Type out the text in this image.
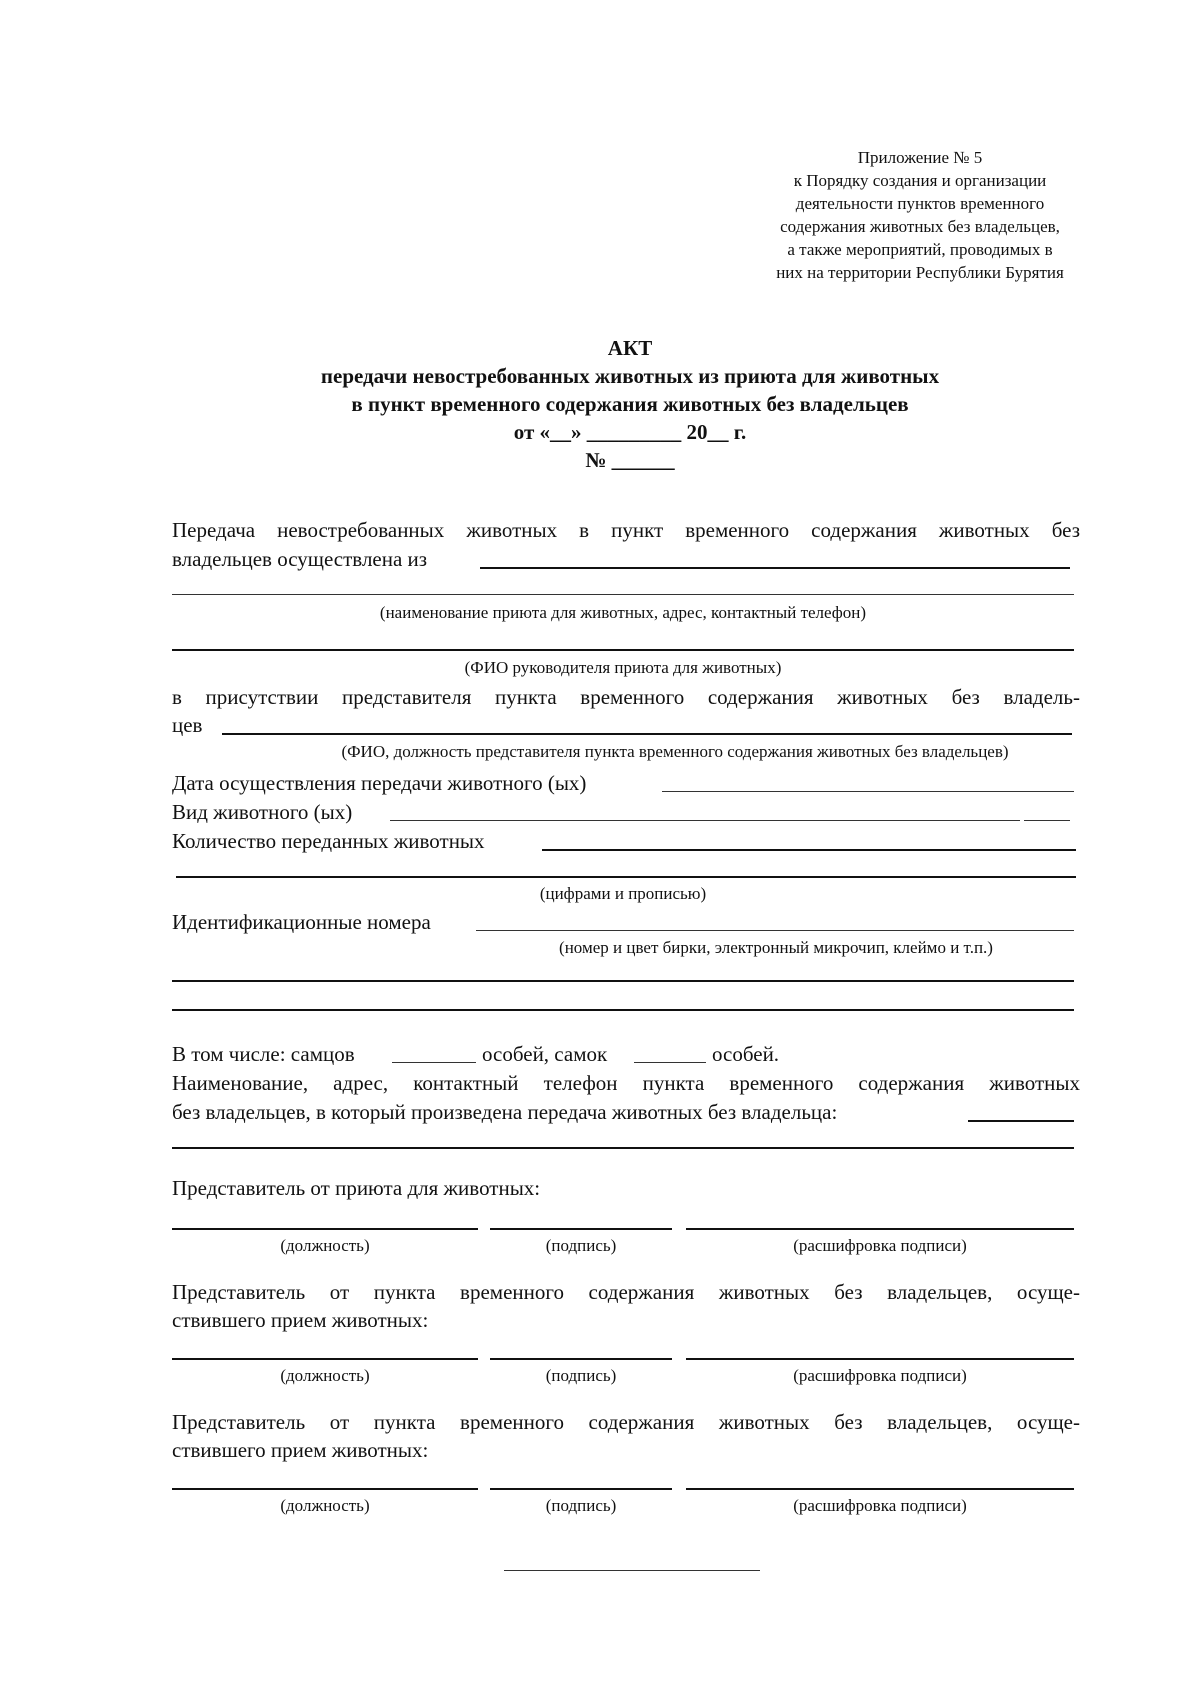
Приложение № 5
к Порядку создания и организации
деятельности пунктов временного
содержания животных без владельцев,
а также мероприятий, проводимых в
них на территории Республики Бурятия
АКТ
передачи невостребованных животных из приюта для животных
в пункт временного содержания животных без владельцев
от «__» _________ 20__ г.
№ ______
Передача невостребованных животных в пункт временного содержания животных без
владельцев осуществлена из
(наименование приюта для животных, адрес, контактный телефон)
(ФИО руководителя приюта для животных)
в присутствии представителя пункта временного содержания животных без владель-
цев
(ФИО, должность представителя пункта временного содержания животных без владельцев)
Дата осуществления передачи животного (ых)
Вид животного (ых)
Количество переданных животных
(цифрами и прописью)
Идентификационные номера
(номер и цвет бирки, электронный микрочип, клеймо и т.п.)
В том числе: самцов	особей, самок	особей.
Наименование, адрес, контактный телефон пункта временного содержания животных
без владельцев, в который произведена передача животных без владельца:
Представитель от приюта для животных:
(должность)	(подпись)	(расшифровка подписи)
Представитель от пункта временного содержания животных без владельцев, осуще-
ствившего прием животных:
(должность)	(подпись)	(расшифровка подписи)
Представитель от пункта временного содержания животных без владельцев, осуще-
ствившего прием животных:
(должность)	(подпись)	(расшифровка подписи)
